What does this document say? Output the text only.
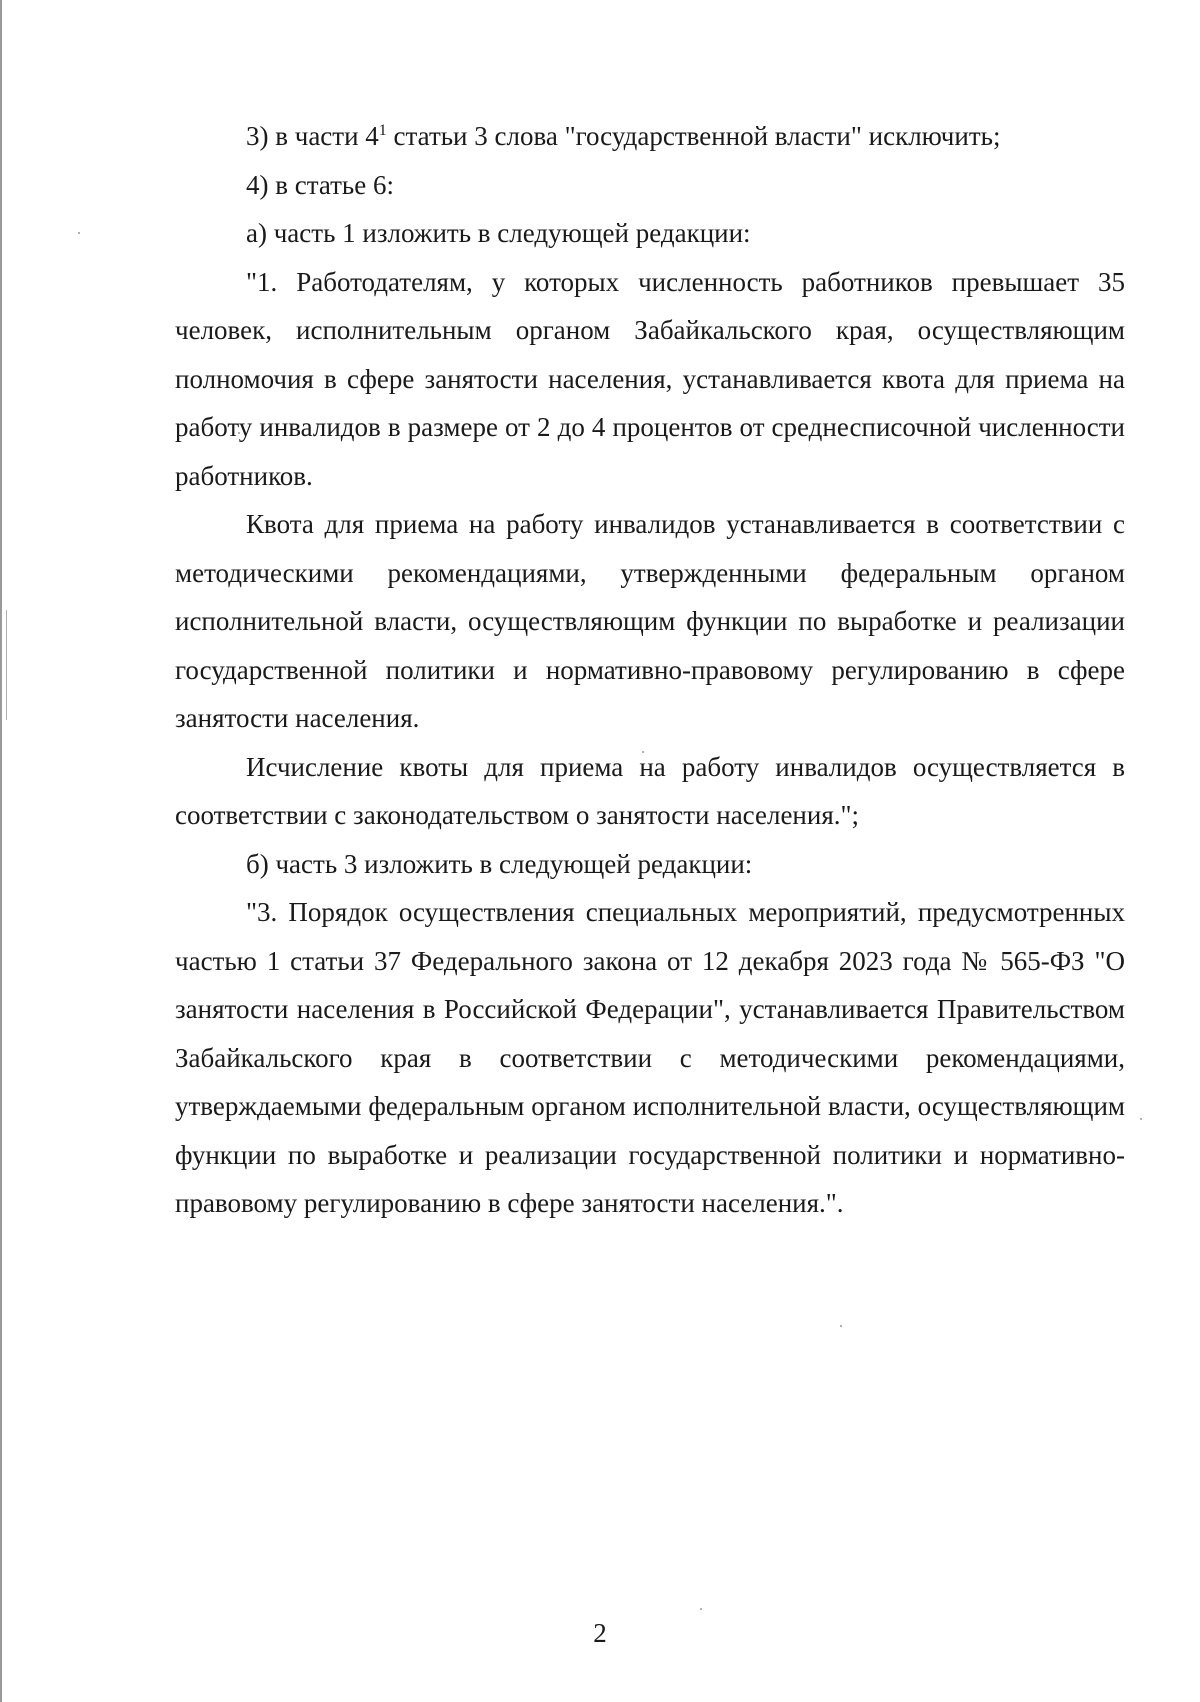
3) в части $4^1$ статьи 3 слова "государственной власти" исключить;

4) в статье 6:

а) часть 1 изложить в следующей редакции:

"1. Работодателям, у которых численность работников превышает 35 человек, исполнительным органом Забайкальского края, осуществляющим полномочия в сфере занятости населения, устанавливается квота для приема на работу инвалидов в размере от 2 до 4 процентов от среднесписочной численности работников.

Квота для приема на работу инвалидов устанавливается в соответствии с методическими рекомендациями, утвержденными федеральным органом исполнительной власти, осуществляющим функции по выработке и реализации государственной политики и нормативно-правовому регулированию в сфере занятости населения.

Исчисление квоты для приема на работу инвалидов осуществляется в соответствии с законодательством о занятости населения.";

б) часть 3 изложить в следующей редакции:

"3. Порядок осуществления специальных мероприятий, предусмотренных частью 1 статьи 37 Федерального закона от 12 декабря 2023 года № 565-ФЗ "О занятости населения в Российской Федерации", устанавливается Правительством Забайкальского края в соответствии с методическими рекомендациями, утверждаемыми федеральным органом исполнительной власти, осуществляющим функции по выработке и реализации государственной политики и нормативно-правовому регулированию в сфере занятости населения.".

2
